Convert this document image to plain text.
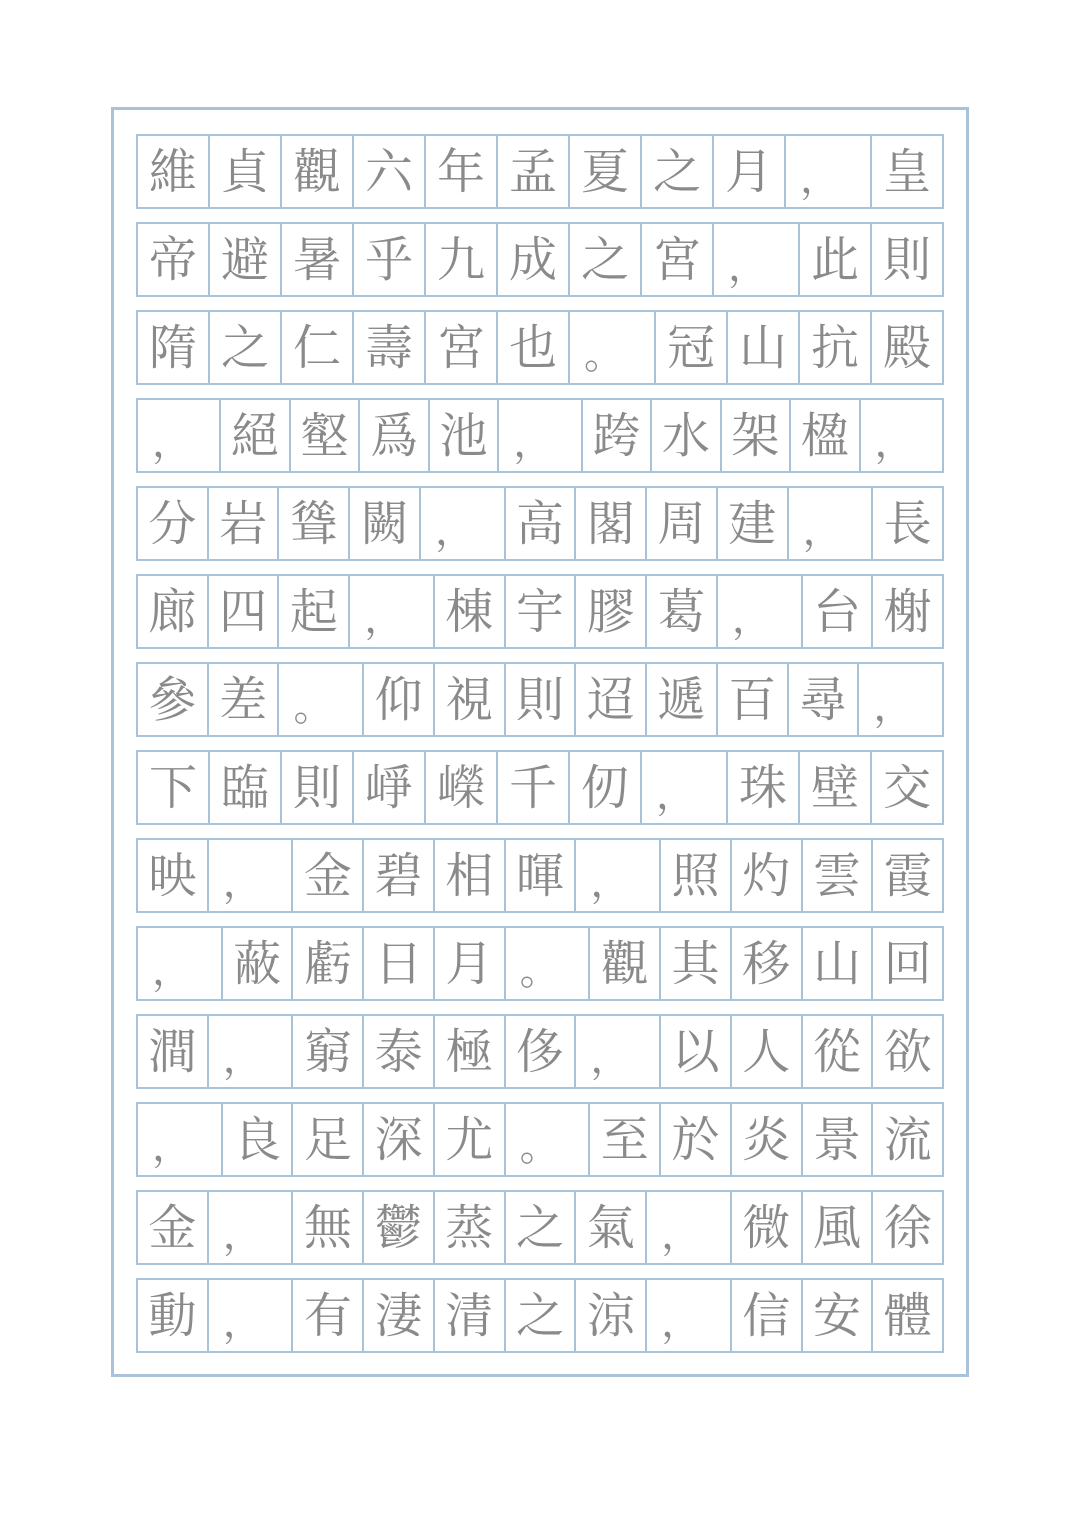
維 貞 觀 六 年 孟 夏 之 月 ， 皇
帝 避 暑 乎 九 成 之 宮 ， 此 則
隋 之 仁 壽 宮 也 。 冠 山 抗 殿
， 絕 壑 爲 池 ， 跨 水 架 楹 ，
分 岩 聳 闕 ， 高 閣 周 建 ， 長
廊 四 起 ， 棟 宇 膠 葛 ， 台 榭
參 差 。 仰 視 則 迢 遞 百 尋 ，
下 臨 則 崢 嶸 千 仞 ， 珠 壁 交
映 ， 金 碧 相 暉 ， 照 灼 雲 霞
， 蔽 虧 日 月 。 觀 其 移 山 回
澗 ， 窮 泰 極 侈 ， 以 人 從 欲
， 良 足 深 尤 。 至 於 炎 景 流
金 ， 無 鬱 蒸 之 氣 ， 微 風 徐
動 ， 有 淒 清 之 涼 ， 信 安 體
